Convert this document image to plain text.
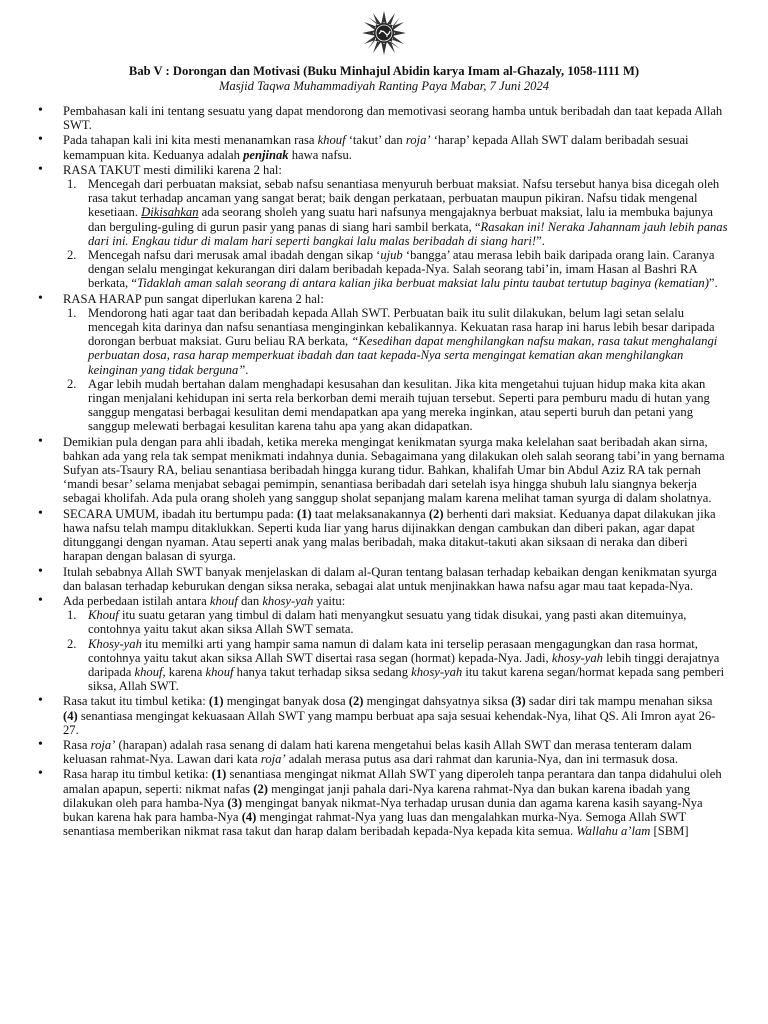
Bab V : Dorongan dan Motivasi (Buku Minhajul Abidin karya Imam al-Ghazaly, 1058-1111 M)
Masjid Taqwa Muhammadiyah Ranting Paya Mabar, 7 Juni 2024
• Pembahasan kali ini tentang sesuatu yang dapat mendorong dan memotivasi seorang hamba untuk beribadah dan taat kepada Allah SWT.
• Pada tahapan kali ini kita mesti menanamkan rasa khouf ‘takut’ dan roja’ ‘harap’ kepada Allah SWT dalam beribadah sesuai kemampuan kita. Keduanya adalah penjinak hawa nafsu.
• RASA TAKUT mesti dimiliki karena 2 hal:
1. Mencegah dari perbuatan maksiat, sebab nafsu senantiasa menyuruh berbuat maksiat. Nafsu tersebut hanya bisa dicegah oleh rasa takut terhadap ancaman yang sangat berat; baik dengan perkataan, perbuatan maupun pikiran. Nafsu tidak mengenal kesetiaan. Dikisahkan ada seorang sholeh yang suatu hari nafsunya mengajaknya berbuat maksiat, lalu ia membuka bajunya dan berguling-guling di gurun pasir yang panas di siang hari sambil berkata, “Rasakan ini! Neraka Jahannam jauh lebih panas dari ini. Engkau tidur di malam hari seperti bangkai lalu malas beribadah di siang hari!”.
2. Mencegah nafsu dari merusak amal ibadah dengan sikap ‘ujub ‘bangga’ atau merasa lebih baik daripada orang lain. Caranya dengan selalu mengingat kekurangan diri dalam beribadah kepada-Nya. Salah seorang tabi’in, imam Hasan al Bashri RA berkata, “Tidaklah aman salah seorang di antara kalian jika berbuat maksiat lalu pintu taubat tertutup baginya (kematian)”.
• RASA HARAP pun sangat diperlukan karena 2 hal:
1. Mendorong hati agar taat dan beribadah kepada Allah SWT. Perbuatan baik itu sulit dilakukan, belum lagi setan selalu mencegah kita darinya dan nafsu senantiasa menginginkan kebalikannya. Kekuatan rasa harap ini harus lebih besar daripada dorongan berbuat maksiat. Guru beliau RA berkata, “Kesedihan dapat menghilangkan nafsu makan, rasa takut menghalangi perbuatan dosa, rasa harap memperkuat ibadah dan taat kepada-Nya serta mengingat kematian akan menghilangkan keinginan yang tidak berguna”.
2. Agar lebih mudah bertahan dalam menghadapi kesusahan dan kesulitan. Jika kita mengetahui tujuan hidup maka kita akan ringan menjalani kehidupan ini serta rela berkorban demi meraih tujuan tersebut. Seperti para pemburu madu di hutan yang sanggup mengatasi berbagai kesulitan demi mendapatkan apa yang mereka inginkan, atau seperti buruh dan petani yang sanggup melewati berbagai kesulitan karena tahu apa yang akan didapatkan.
• Demikian pula dengan para ahli ibadah, ketika mereka mengingat kenikmatan syurga maka kelelahan saat beribadah akan sirna, bahkan ada yang rela tak sempat menikmati indahnya dunia. Sebagaimana yang dilakukan oleh salah seorang tabi’in yang bernama Sufyan ats-Tsaury RA, beliau senantiasa beribadah hingga kurang tidur. Bahkan, khalifah Umar bin Abdul Aziz RA tak pernah ‘mandi besar’ selama menjabat sebagai pemimpin, senantiasa beribadah dari setelah isya hingga shubuh lalu siangnya bekerja sebagai kholifah. Ada pula orang sholeh yang sanggup sholat sepanjang malam karena melihat taman syurga di dalam sholatnya.
• SECARA UMUM, ibadah itu bertumpu pada: (1) taat melaksanakannya (2) berhenti dari maksiat. Keduanya dapat dilakukan jika hawa nafsu telah mampu ditaklukkan. Seperti kuda liar yang harus dijinakkan dengan cambukan dan diberi pakan, agar dapat ditunggangi dengan nyaman. Atau seperti anak yang malas beribadah, maka ditakut-takuti akan siksaan di neraka dan diberi harapan dengan balasan di syurga.
• Itulah sebabnya Allah SWT banyak menjelaskan di dalam al-Quran tentang balasan terhadap kebaikan dengan kenikmatan syurga dan balasan terhadap keburukan dengan siksa neraka, sebagai alat untuk menjinakkan hawa nafsu agar mau taat kepada-Nya.
• Ada perbedaan istilah antara khouf dan khosy-yah yaitu:
1. Khouf itu suatu getaran yang timbul di dalam hati menyangkut sesuatu yang tidak disukai, yang pasti akan ditemuinya, contohnya yaitu takut akan siksa Allah SWT semata.
2. Khosy-yah itu memilki arti yang hampir sama namun di dalam kata ini terselip perasaan mengagungkan dan rasa hormat, contohnya yaitu takut akan siksa Allah SWT disertai rasa segan (hormat) kepada-Nya. Jadi, khosy-yah lebih tinggi derajatnya daripada khouf, karena khouf hanya takut terhadap siksa sedang khosy-yah itu takut karena segan/hormat kepada sang pemberi siksa, Allah SWT.
• Rasa takut itu timbul ketika: (1) mengingat banyak dosa (2) mengingat dahsyatnya siksa (3) sadar diri tak mampu menahan siksa (4) senantiasa mengingat kekuasaan Allah SWT yang mampu berbuat apa saja sesuai kehendak-Nya, lihat QS. Ali Imron ayat 26-27.
• Rasa roja’ (harapan) adalah rasa senang di dalam hati karena mengetahui belas kasih Allah SWT dan merasa tenteram dalam keluasan rahmat-Nya. Lawan dari kata roja’ adalah merasa putus asa dari rahmat dan karunia-Nya, dan ini termasuk dosa.
• Rasa harap itu timbul ketika: (1) senantiasa mengingat nikmat Allah SWT yang diperoleh tanpa perantara dan tanpa didahului oleh amalan apapun, seperti: nikmat nafas (2) mengingat janji pahala dari-Nya karena rahmat-Nya dan bukan karena ibadah yang dilakukan oleh para hamba-Nya (3) mengingat banyak nikmat-Nya terhadap urusan dunia dan agama karena kasih sayang-Nya bukan karena hak para hamba-Nya (4) mengingat rahmat-Nya yang luas dan mengalahkan murka-Nya. Semoga Allah SWT senantiasa memberikan nikmat rasa takut dan harap dalam beribadah kepada-Nya kepada kita semua. Wallahu a’lam [SBM]
